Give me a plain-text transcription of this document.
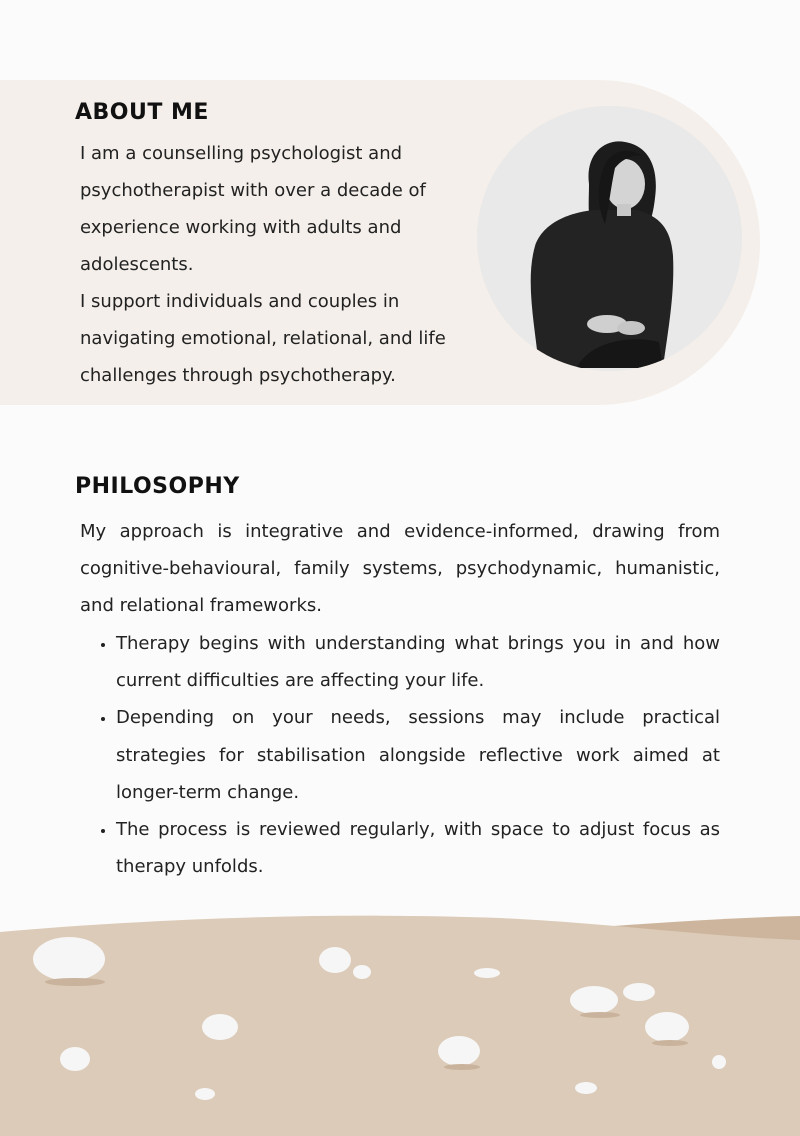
ABOUT ME

I am a counselling psychologist and psychotherapist with over a decade of experience working with adults and adolescents.

I support individuals and couples in navigating emotional, relational, and life challenges through psychotherapy.

PHILOSOPHY

My approach is integrative and evidence-informed, drawing from cognitive-behavioural, family systems, psychodynamic, humanistic, and relational frameworks.

• Therapy begins with understanding what brings you in and how current difficulties are affecting your life.
• Depending on your needs, sessions may include practical strategies for stabilisation alongside reflective work aimed at longer-term change.
• The process is reviewed regularly, with space to adjust focus as therapy unfolds.
